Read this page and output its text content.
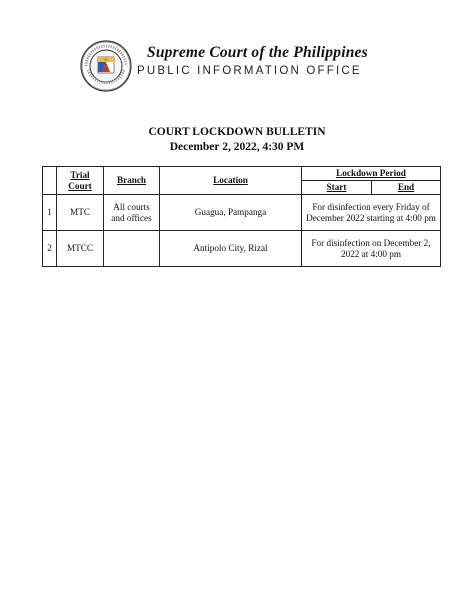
Supreme Court of the Philippines
PUBLIC INFORMATION OFFICE
COURT LOCKDOWN BULLETIN
December 2, 2022, 4:30 PM
	Trial Court	Branch	Location	Lockdown Period	
				Start	End
1	MTC	All courts and offices	Guagua, Pampanga	For disinfection every Friday of December 2022 starting at 4:00 pm	
2	MTCC		Antipolo City, Rizal	For disinfection on December 2, 2022 at 4:00 pm	
